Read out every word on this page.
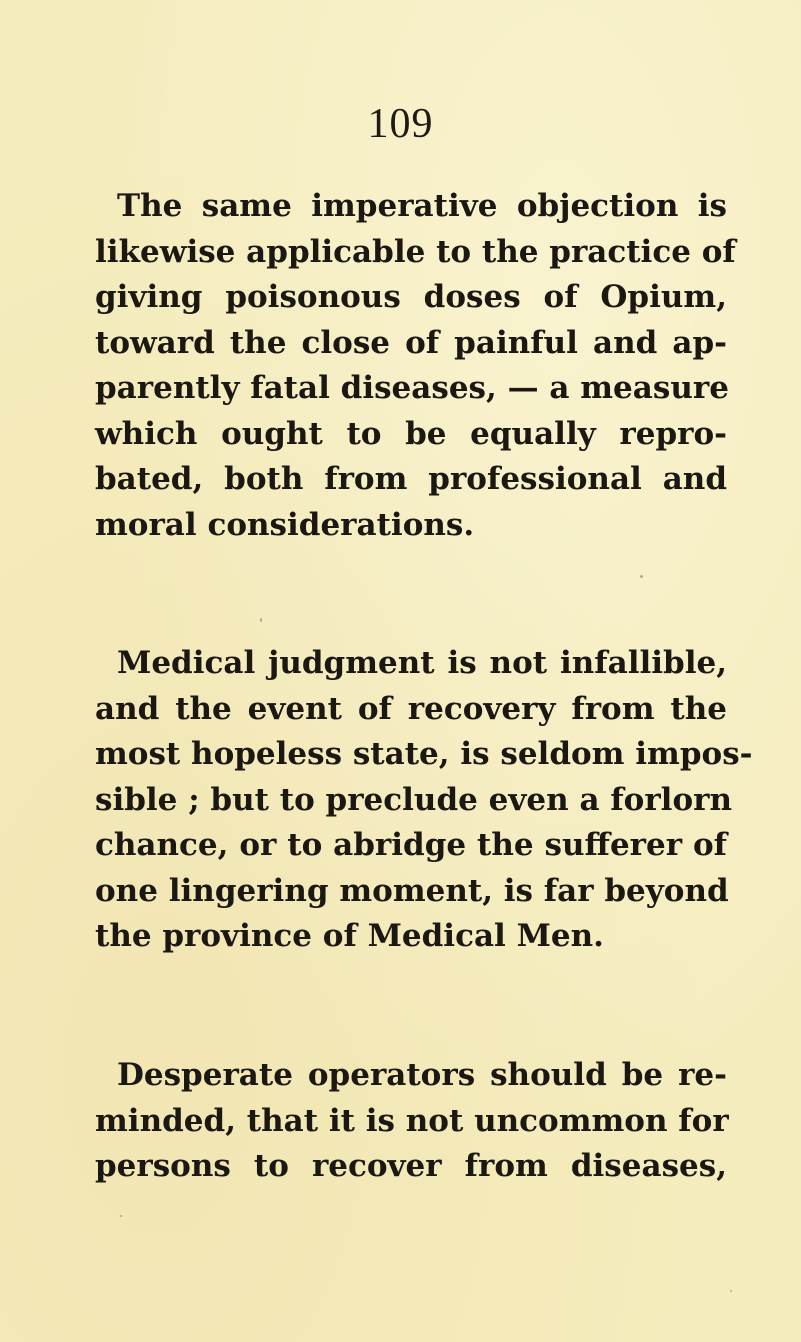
109
The same imperative objection is
likewise applicable to the practice of
giving poisonous doses of Opium,
toward the close of painful and ap-
parently fatal diseases, — a measure
which ought to be equally repro-
bated, both from professional and
moral considerations.
Medical judgment is not infallible,
and the event of recovery from the
most hopeless state, is seldom impos-
sible ; but to preclude even a forlorn
chance, or to abridge the sufferer of
one lingering moment, is far beyond
the province of Medical Men.
Desperate operators should be re-
minded, that it is not uncommon for
persons to recover from diseases,
